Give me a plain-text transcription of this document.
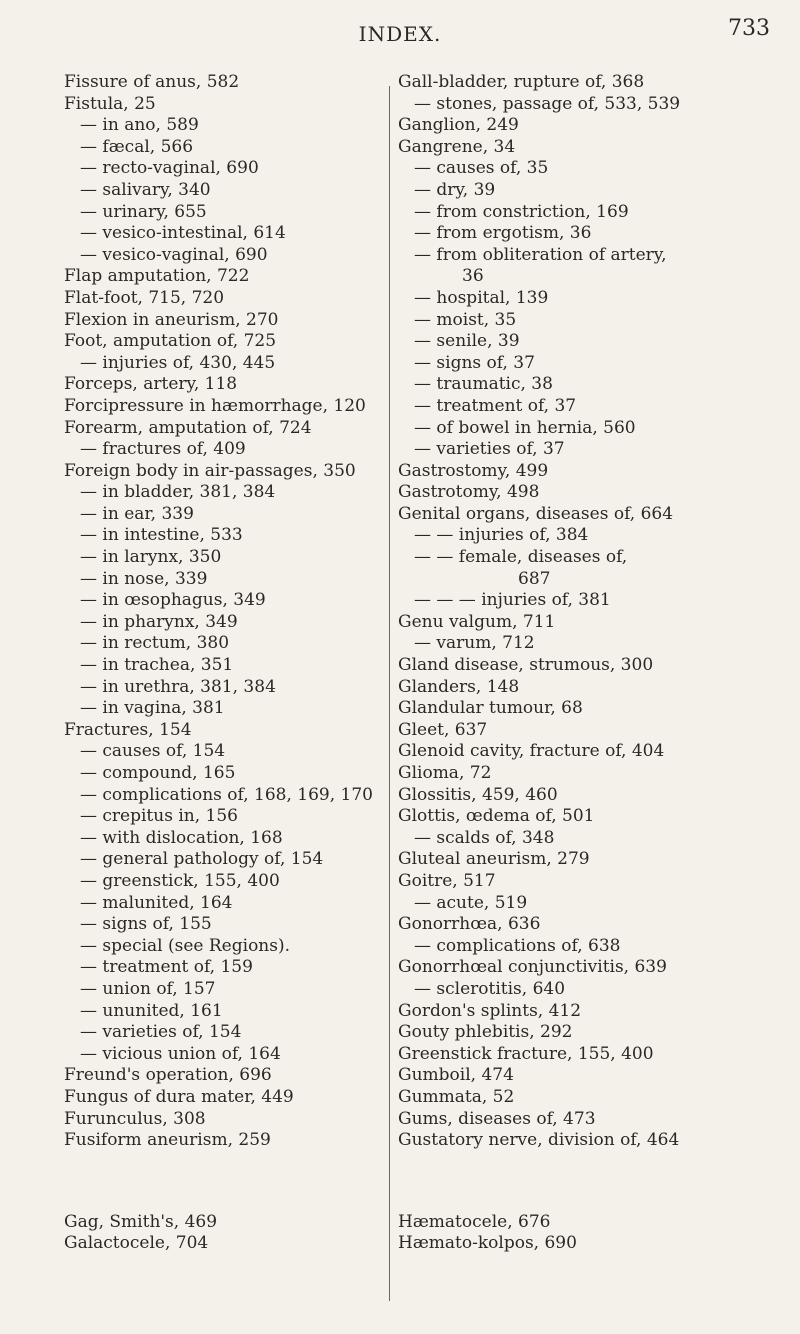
INDEX.	733
Fissure of anus, 582
Fistula, 25
— in ano, 589
— fæcal, 566
— recto-vaginal, 690
— salivary, 340
— urinary, 655
— vesico-intestinal, 614
— vesico-vaginal, 690
Flap amputation, 722
Flat-foot, 715, 720
Flexion in aneurism, 270
Foot, amputation of, 725
— injuries of, 430, 445
Forceps, artery, 118
Forcipressure in hæmorrhage, 120
Forearm, amputation of, 724
— fractures of, 409
Foreign body in air-passages, 350
— in bladder, 381, 384
— in ear, 339
— in intestine, 533
— in larynx, 350
— in nose, 339
— in œsophagus, 349
— in pharynx, 349
— in rectum, 380
— in trachea, 351
— in urethra, 381, 384
— in vagina, 381
Fractures, 154
— causes of, 154
— compound, 165
— complications of, 168, 169, 170
— crepitus in, 156
— with dislocation, 168
— general pathology of, 154
— greenstick, 155, 400
— malunited, 164
— signs of, 155
— special (see Regions).
— treatment of, 159
— union of, 157
— ununited, 161
— varieties of, 154
— vicious union of, 164
Freund's operation, 696
Fungus of dura mater, 449
Furunculus, 308
Fusiform aneurism, 259
Gag, Smith's, 469
Galactocele, 704
Gall-bladder, rupture of, 368
— stones, passage of, 533, 539
Ganglion, 249
Gangrene, 34
— causes of, 35
— dry, 39
— from constriction, 169
— from ergotism, 36
— from obliteration of artery,
36
— hospital, 139
— moist, 35
— senile, 39
— signs of, 37
— traumatic, 38
— treatment of, 37
— of bowel in hernia, 560
— varieties of, 37
Gastrostomy, 499
Gastrotomy, 498
Genital organs, diseases of, 664
— — injuries of, 384
— — female, diseases of,
687
— — — injuries of, 381
Genu valgum, 711
— varum, 712
Gland disease, strumous, 300
Glanders, 148
Glandular tumour, 68
Gleet, 637
Glenoid cavity, fracture of, 404
Glioma, 72
Glossitis, 459, 460
Glottis, œdema of, 501
— scalds of, 348
Gluteal aneurism, 279
Goitre, 517
— acute, 519
Gonorrhœa, 636
— complications of, 638
Gonorrhœal conjunctivitis, 639
— sclerotitis, 640
Gordon's splints, 412
Gouty phlebitis, 292
Greenstick fracture, 155, 400
Gumboil, 474
Gummata, 52
Gums, diseases of, 473
Gustatory nerve, division of, 464
Hæmatocele, 676
Hæmato-kolpos, 690
